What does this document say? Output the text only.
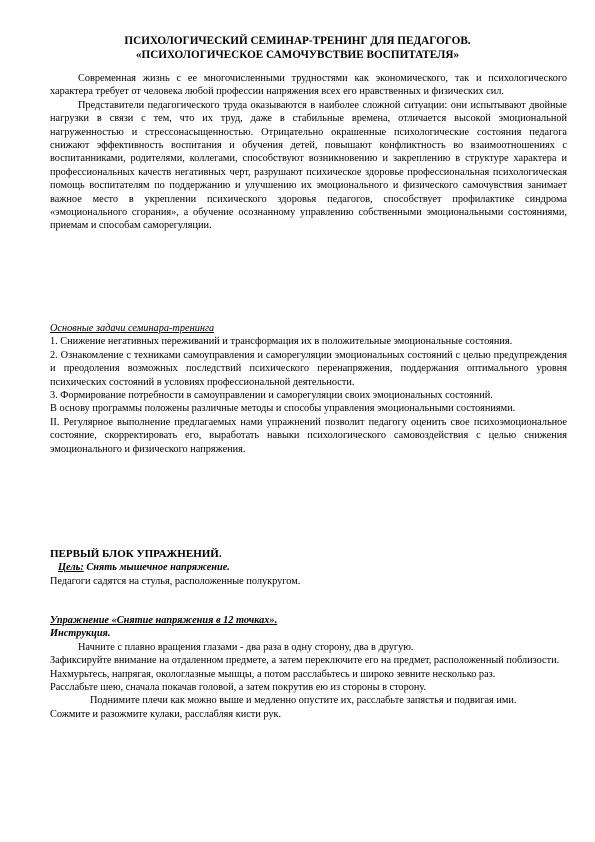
ПСИХОЛОГИЧЕСКИЙ СЕМИНАР-ТРЕНИНГ ДЛЯ ПЕДАГОГОВ.
«ПСИХОЛОГИЧЕСКОЕ САМОЧУВСТВИЕ ВОСПИТАТЕЛЯ»

Современная жизнь с ее многочисленными трудностями как экономического, так и психологического характера требует от человека любой профессии напряжения всех его нравственных и физических сил.

Представители педагогического труда оказываются в наиболее сложной ситуации: они испытывают двойные нагрузки в связи с тем, что их труд, даже в стабильные времена, отличается высокой эмоциональной нагруженностью и стрессонасыщенностью. Отрицательно окрашенные психологические состояния педагога снижают эффективность воспитания и обучения детей, повышают конфликтность во взаимоотношениях с воспитанниками, родителями, коллегами, способствуют возникновению и закреплению в структуре характера и профессиональных качеств негативных черт, разрушают психическое здоровье профессиональная психологическая помощь воспитателям по поддержанию и улучшению их эмоционального и физического самочувствия занимает важное место в укреплении психического здоровья педагогов, способствует профилактике синдрома «эмоционального сгорания», а обучение осознанному управлению собственными эмоциональными состояниями, приемам и способам саморегуляции.

Основные задачи семинара-тренинга

1. Снижение негативных переживаний и трансформация их в положительные эмоциональные состояния.

2. Ознакомление с техниками самоуправления и саморегуляции эмоциональных состояний с целью предупреждения и преодоления возможных последствий психического перенапряжения, поддержания оптимального уровня психических состояний в условиях профессиональной деятельности.

3. Формирование потребности в самоуправлении и саморегуляции своих эмоциональных состояний.

В основу программы положены различные методы и способы управления эмоциональными состояниями.

II. Регулярное выполнение предлагаемых нами упражнений позволит педагогу оценить свое психоэмоциональное состояние, скорректировать его, выработать навыки психологического самовоздействия с целью снижения эмоционального и физического напряжения.

ПЕРВЫЙ БЛОК УПРАЖНЕНИЙ.

Цель: Снять мышечное напряжение.

Педагоги садятся на стулья, расположенные полукругом.

Упражнение «Снятие напряжения в 12 точках».

Инструкция.

Начните с плавно вращения глазами - два раза в одну сторону, два в другую.

Зафиксируйте внимание на отдаленном предмете, а затем переключите его на предмет, расположенный поблизости.

Нахмурьтесь, напрягая, окологлазные мышцы, а потом расслабьтесь и широко зевните несколько раз.

Расслабьте шею, сначала покачав головой, а затем покрутив ею из стороны в сторону.

Поднимите плечи как можно выше и медленно опустите их, расслабьте запястья и подвигая ими.

Сожмите и разожмите кулаки, расслабляя кисти рук.
